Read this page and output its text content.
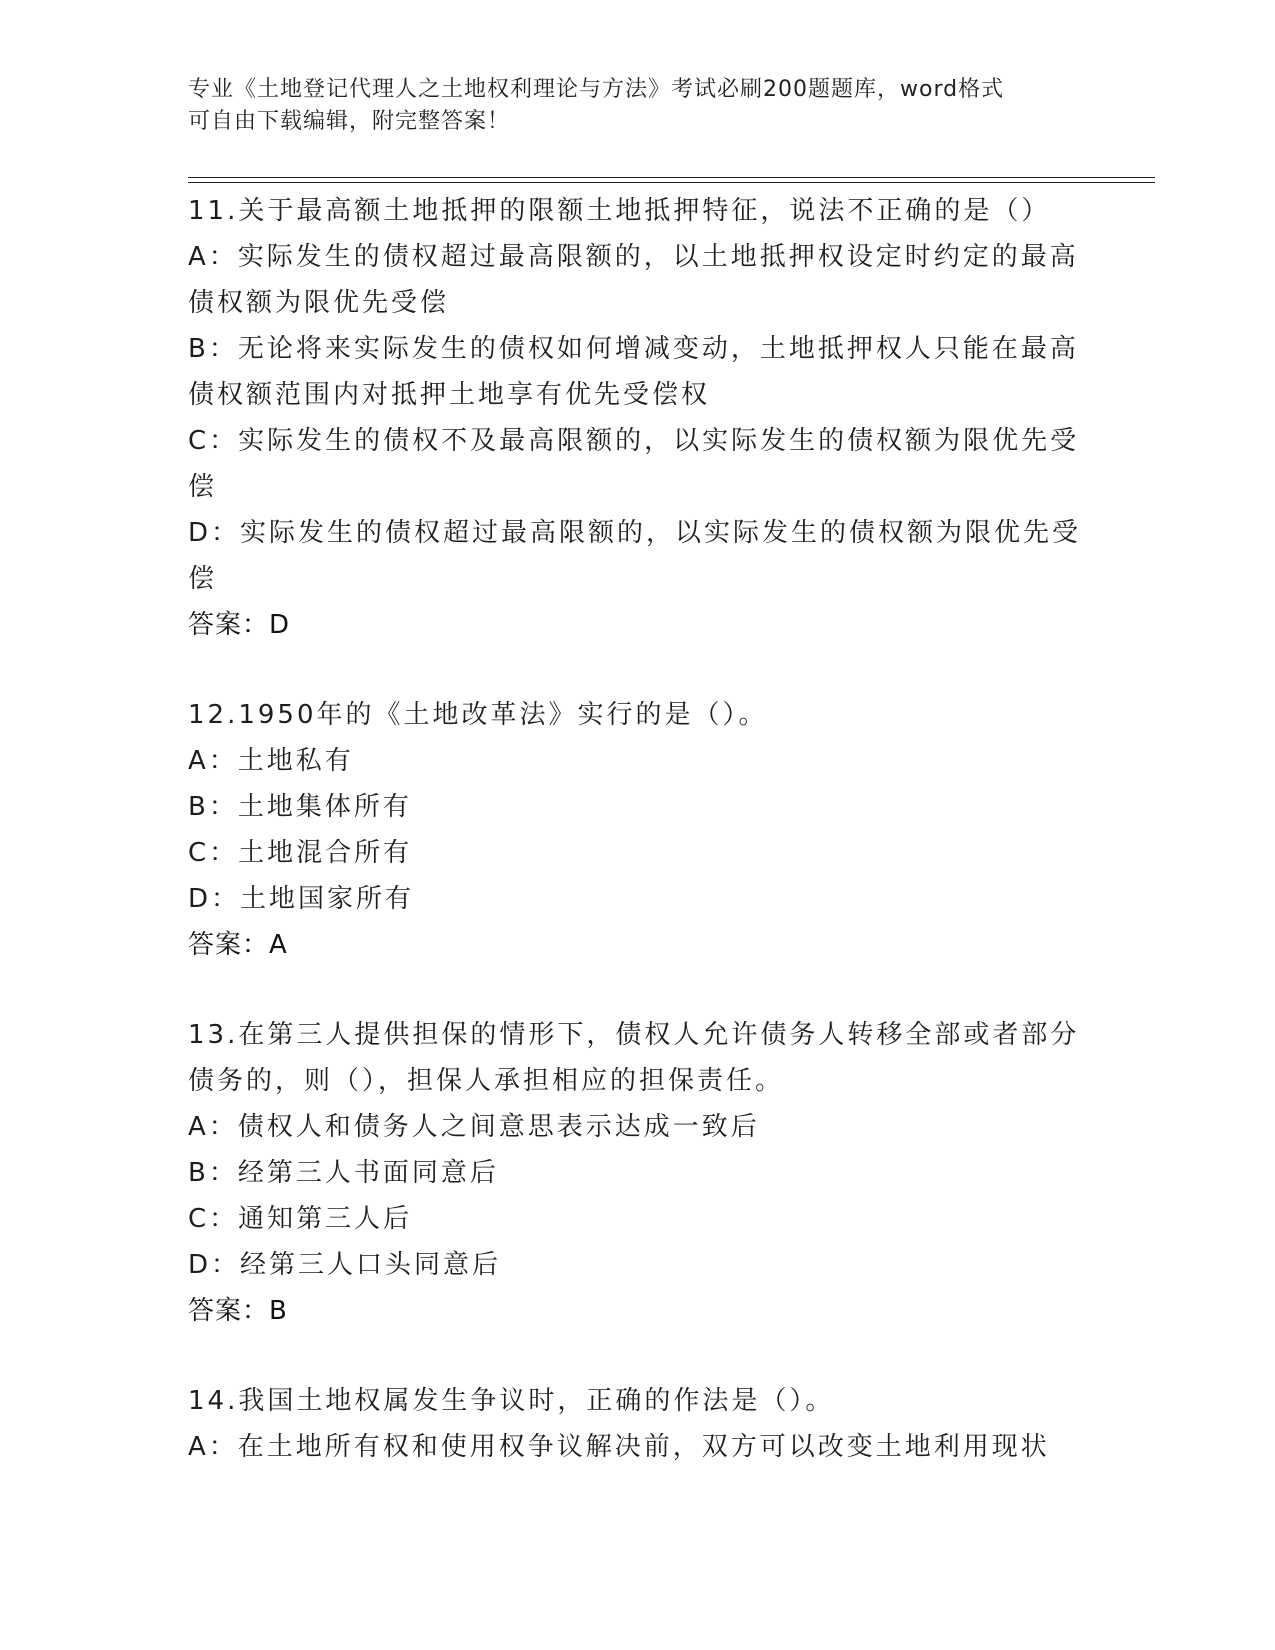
专业《土地登记代理人之土地权利理论与方法》考试必刷200题题库，word格式
可自由下载编辑，附完整答案！
11.关于最高额土地抵押的限额土地抵押特征，说法不正确的是（）
A：实际发生的债权超过最高限额的，以土地抵押权设定时约定的最高
债权额为限优先受偿
B：无论将来实际发生的债权如何增减变动，土地抵押权人只能在最高
债权额范围内对抵押土地享有优先受偿权
C：实际发生的债权不及最高限额的，以实际发生的债权额为限优先受
偿
D：实际发生的债权超过最高限额的，以实际发生的债权额为限优先受
偿
答案：D
12.1950年的《土地改革法》实行的是（）。
A：土地私有
B：土地集体所有
C：土地混合所有
D：土地国家所有
答案：A
13.在第三人提供担保的情形下，债权人允许债务人转移全部或者部分
债务的，则（），担保人承担相应的担保责任。
A：债权人和债务人之间意思表示达成一致后
B：经第三人书面同意后
C：通知第三人后
D：经第三人口头同意后
答案：B
14.我国土地权属发生争议时，正确的作法是（）。
A：在土地所有权和使用权争议解决前，双方可以改变土地利用现状
